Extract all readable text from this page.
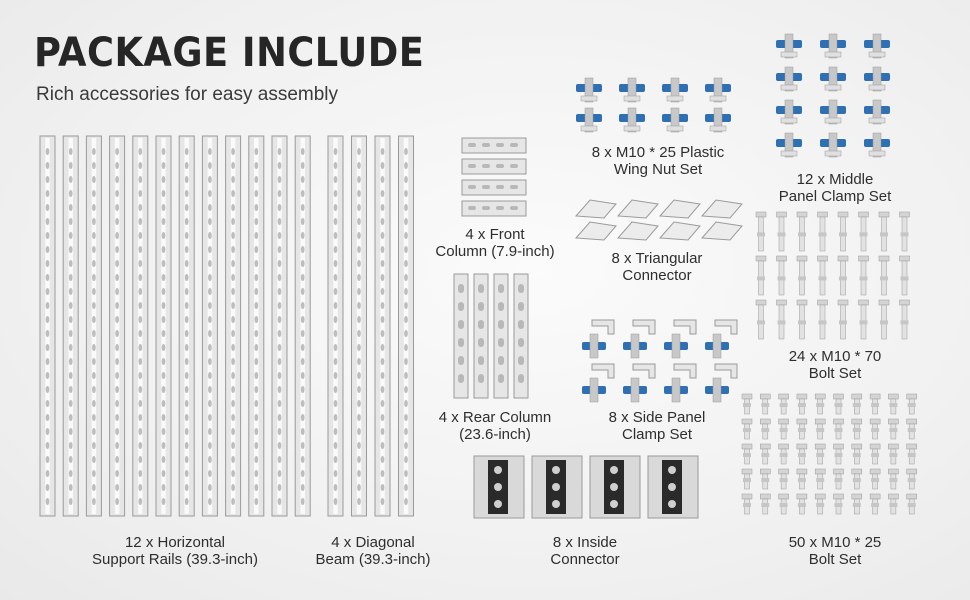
PACKAGE INCLUDE
Rich accessories for easy assembly
12 x Horizontal
Support Rails (39.3-inch)
4 x Diagonal
Beam (39.3-inch)
4 x Front
Column (7.9-inch)
4 x Rear Column
(23.6-inch)
8 x Inside
Connector
8 x M10 * 25 Plastic
Wing Nut Set
8 x Triangular
Connector
8 x Side Panel
Clamp Set
12 x Middle
Panel Clamp Set
24 x M10 * 70
Bolt Set
50 x M10 * 25
Bolt Set
